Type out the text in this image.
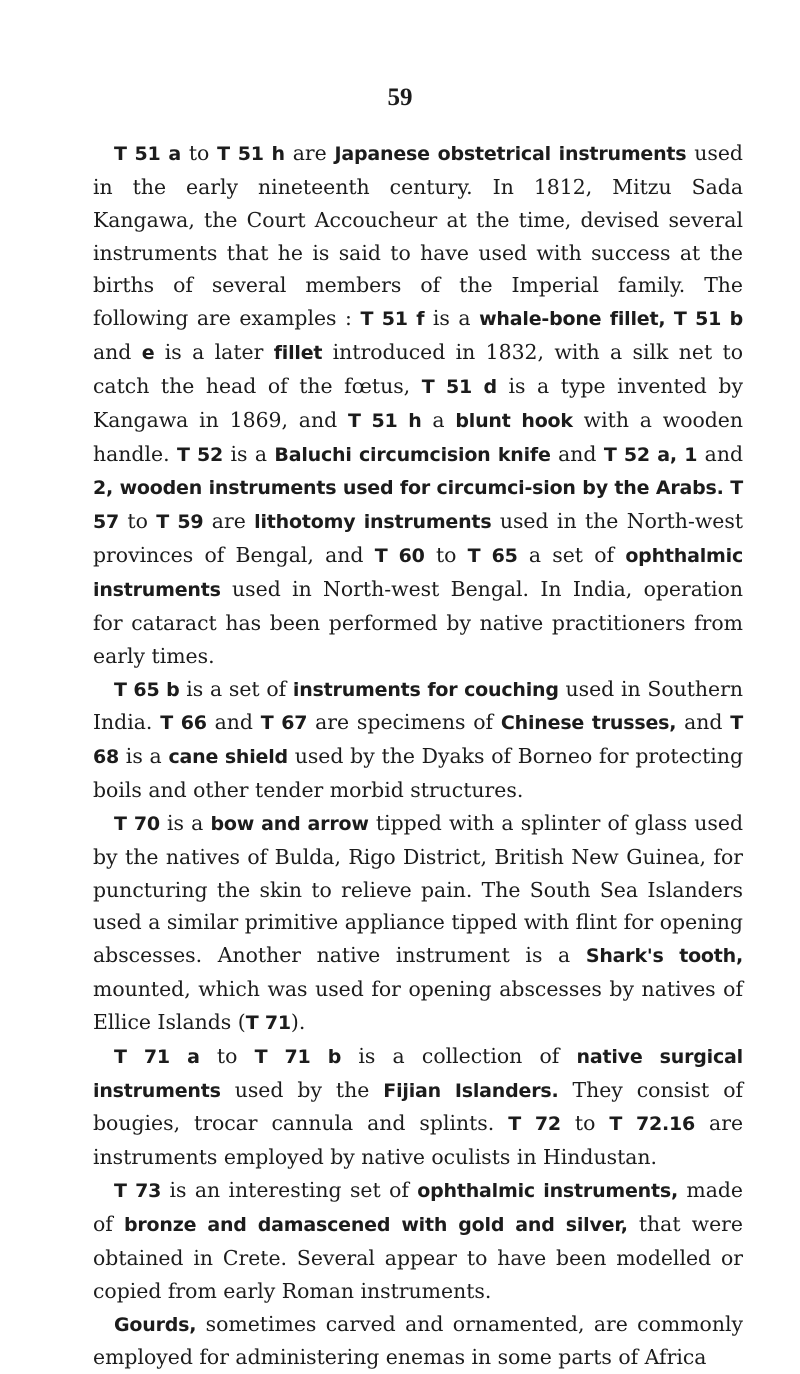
59

T 51 a to T 51 h are Japanese obstetrical instruments used in the early nineteenth century. In 1812, Mitzu Sada Kangawa, the Court Accoucheur at the time, devised several instruments that he is said to have used with success at the births of several members of the Imperial family. The following are examples : T 51 f is a whale-bone fillet, T 51 b and e is a later fillet introduced in 1832, with a silk net to catch the head of the fœtus, T 51 d is a type invented by Kangawa in 1869, and T 51 h a blunt hook with a wooden handle. T 52 is a Baluchi circumcision knife and T 52 a, 1 and 2, wooden instruments used for circumci-sion by the Arabs. T 57 to T 59 are lithotomy instruments used in the North-west provinces of Bengal, and T 60 to T 65 a set of ophthalmic instruments used in North-west Bengal. In India, operation for cataract has been performed by native practitioners from early times.

T 65 b is a set of instruments for couching used in Southern India. T 66 and T 67 are specimens of Chinese trusses, and T 68 is a cane shield used by the Dyaks of Borneo for protecting boils and other tender morbid structures.

T 70 is a bow and arrow tipped with a splinter of glass used by the natives of Bulda, Rigo District, British New Guinea, for puncturing the skin to relieve pain. The South Sea Islanders used a similar primitive appliance tipped with flint for opening abscesses. Another native instrument is a Shark's tooth, mounted, which was used for opening abscesses by natives of Ellice Islands (T 71).

T 71 a to T 71 b is a collection of native surgical instruments used by the Fijian Islanders. They consist of bougies, trocar cannula and splints. T 72 to T 72.16 are instruments employed by native oculists in Hindustan.

T 73 is an interesting set of ophthalmic instruments, made of bronze and damascened with gold and silver, that were obtained in Crete. Several appear to have been modelled or copied from early Roman instruments.

Gourds, sometimes carved and ornamented, are commonly employed for administering enemas in some parts of Africa
